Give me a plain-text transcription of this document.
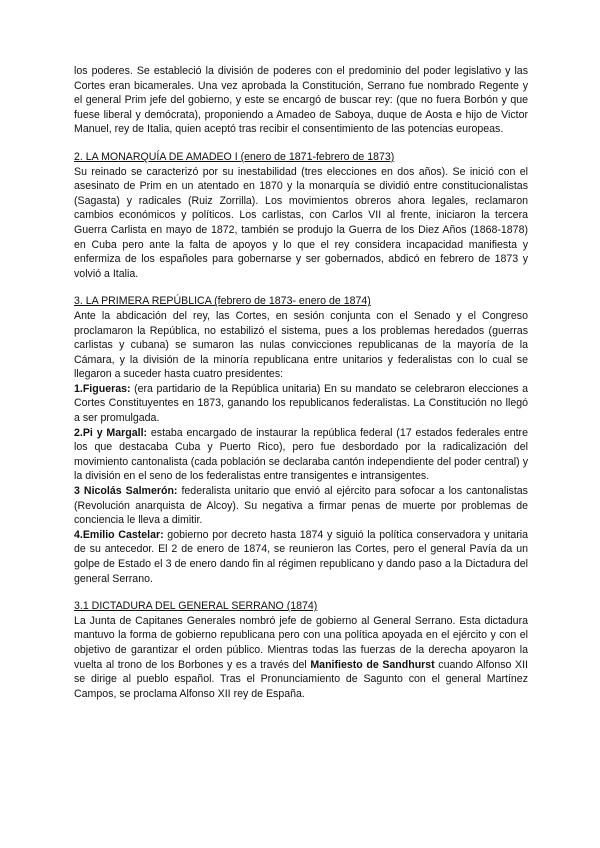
los poderes. Se estableció la división de poderes con el predominio del poder legislativo y las Cortes eran bicamerales. Una vez aprobada la Constitución, Serrano fue nombrado Regente y el general Prim jefe del gobierno, y este se encargó de buscar rey: (que no fuera Borbón y que fuese liberal y demócrata), proponiendo a Amadeo de Saboya, duque de Aosta e hijo de Victor Manuel, rey de Italia, quien aceptó tras recibir el consentimiento de las potencias europeas.

2. LA MONARQUÍA DE AMADEO I (enero de 1871-febrero de 1873)

Su reinado se caracterizó por su inestabilidad (tres elecciones en dos años). Se inició con el asesinato de Prim en un atentado en 1870 y la monarquía se dividió entre constitucionalistas (Sagasta) y radicales (Ruiz Zorrilla). Los movimientos obreros ahora legales, reclamaron cambios económicos y políticos. Los carlistas, con Carlos VII al frente, iniciaron la tercera Guerra Carlista en mayo de 1872, también se produjo la Guerra de los Diez Años (1868-1878) en Cuba pero ante la falta de apoyos y lo que el rey considera incapacidad manifiesta y enfermiza de los españoles para gobernarse y ser gobernados, abdicó en febrero de 1873 y volvió a Italia.

3. LA PRIMERA REPÚBLICA (febrero de 1873- enero de 1874)

Ante la abdicación del rey, las Cortes, en sesión conjunta con el Senado y el Congreso proclamaron la República, no estabilizó el sistema, pues a los problemas heredados (guerras carlistas y cubana) se sumaron las nulas convicciones republicanas de la mayoría de la Cámara, y la división de la minoría republicana entre unitarios y federalistas con lo cual se llegaron a suceder hasta cuatro presidentes:

1.Figueras: (era partidario de la República unitaria) En su mandato se celebraron elecciones a Cortes Constituyentes en 1873, ganando los republicanos federalistas. La Constitución no llegó a ser promulgada.

2.Pi y Margall: estaba encargado de instaurar la república federal (17 estados federales entre los que destacaba Cuba y Puerto Rico), pero fue desbordado por la radicalización del movimiento cantonalista (cada población se declaraba cantón independiente del poder central) y la división en el seno de los federalistas entre transigentes e intransigentes.

3 Nicolás Salmerón: federalista unitario que envió al ejército para sofocar a los cantonalistas (Revolución anarquista de Alcoy). Su negativa a firmar penas de muerte por problemas de conciencia le lleva a dimitir.

4.Emilio Castelar: gobierno por decreto hasta 1874 y siguió la política conservadora y unitaria de su antecedor. El 2 de enero de 1874, se reunieron las Cortes, pero el general Pavía da un golpe de Estado el 3 de enero dando fin al régimen republicano y dando paso a la Dictadura del general Serrano.

3.1 DICTADURA DEL GENERAL SERRANO (1874)

La Junta de Capitanes Generales nombró jefe de gobierno al General Serrano. Esta dictadura mantuvo la forma de gobierno republicana pero con una política apoyada en el ejército y con el objetivo de garantizar el orden público. Mientras todas las fuerzas de la derecha apoyaron la vuelta al trono de los Borbones y es a través del Manifiesto de Sandhurst cuando Alfonso XII se dirige al pueblo español. Tras el Pronunciamiento de Sagunto con el general Martínez Campos, se proclama Alfonso XII rey de España.
